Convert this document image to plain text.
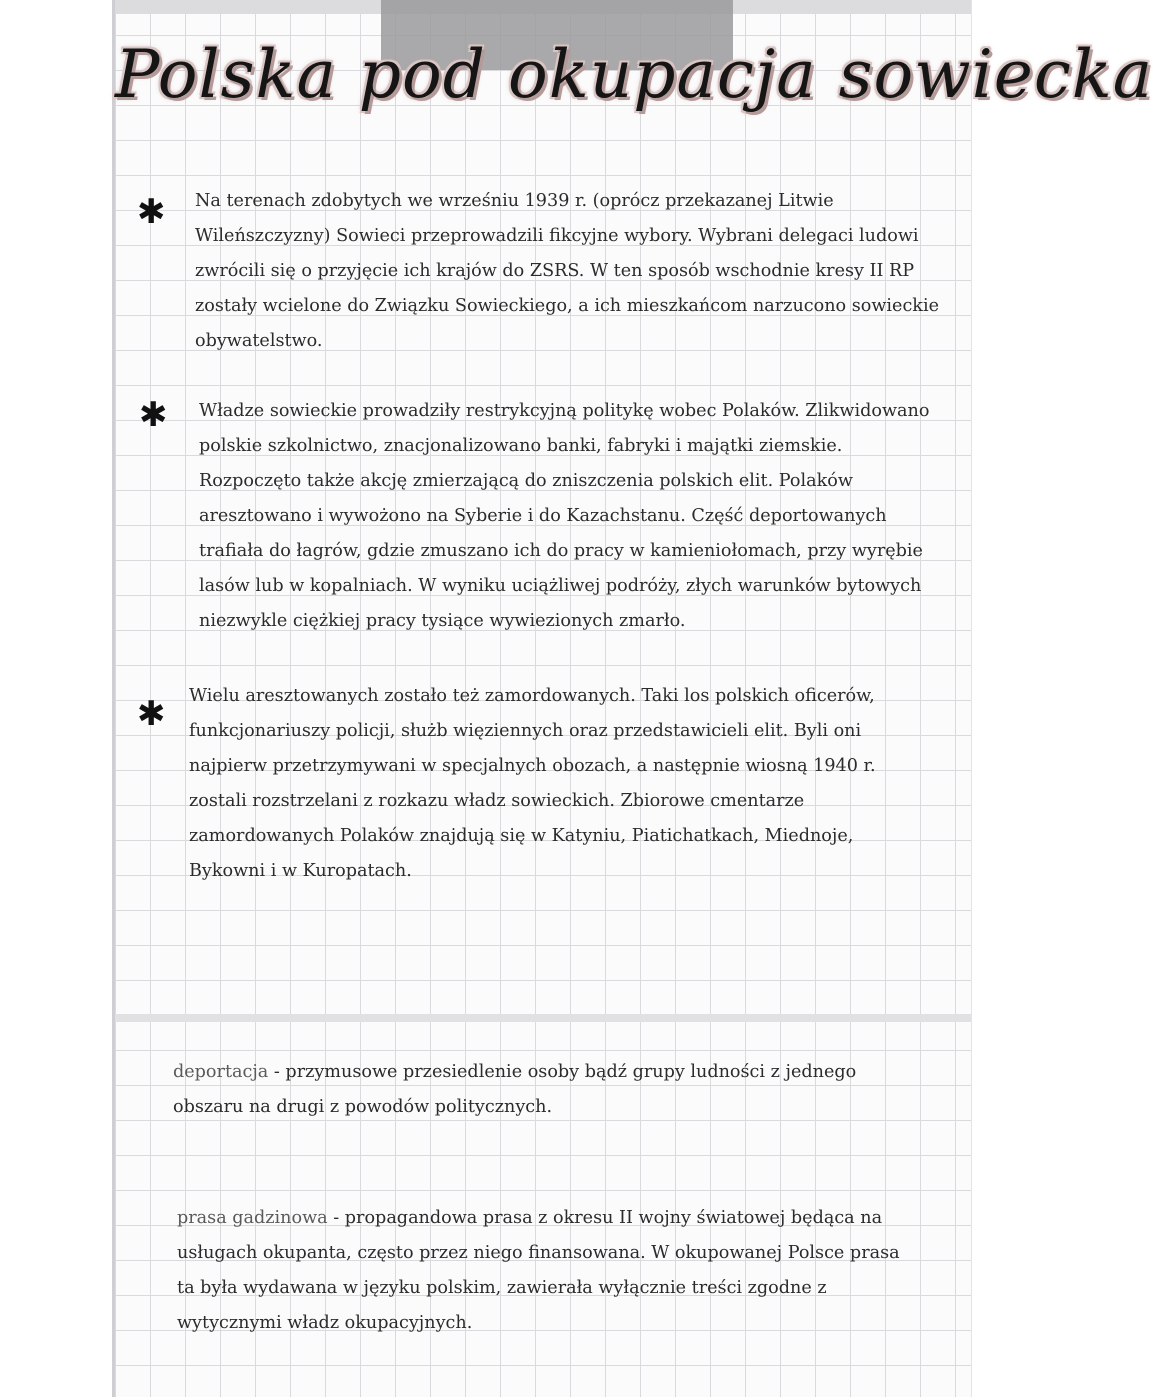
Polska pod okupacja sowiecka
✱ Na terenach zdobytych we wrześniu 1939 r. (oprócz przekazanej Litwie
Wileńszczyzny) Sowieci przeprowadzili fikcyjne wybory. Wybrani delegaci ludowi
zwrócili się o przyjęcie ich krajów do ZSRS. W ten sposób wschodnie kresy II RP
zostały wcielone do Związku Sowieckiego, a ich mieszkańcom narzucono sowieckie
obywatelstwo.
✱ Władze sowieckie prowadziły restrykcyjną politykę wobec Polaków. Zlikwidowano
polskie szkolnictwo, znacjonalizowano banki, fabryki i majątki ziemskie.
Rozpoczęto także akcję zmierzającą do zniszczenia polskich elit. Polaków
aresztowano i wywożono na Syberie i do Kazachstanu. Część deportowanych
trafiała do łagrów, gdzie zmuszano ich do pracy w kamieniołomach, przy wyrębie
lasów lub w kopalniach. W wyniku uciążliwej podróży, złych warunków bytowych
niezwykle ciężkiej pracy tysiące wywiezionych zmarło.
✱ Wielu aresztowanych zostało też zamordowanych. Taki los polskich oficerów,
funkcjonariuszy policji, służb więziennych oraz przedstawicieli elit. Byli oni
najpierw przetrzymywani w specjalnych obozach, a następnie wiosną 1940 r.
zostali rozstrzelani z rozkazu władz sowieckich. Zbiorowe cmentarze
zamordowanych Polaków znajdują się w Katyniu, Piatichatkach, Miednoje,
Bykowni i w Kuropatach.
deportacja - przymusowe przesiedlenie osoby bądź grupy ludności z jednego
obszaru na drugi z powodów politycznych.
prasa gadzinowa - propagandowa prasa z okresu II wojny światowej będąca na
usługach okupanta, często przez niego finansowana. W okupowanej Polsce prasa
ta była wydawana w języku polskim, zawierała wyłącznie treści zgodne z
wytycznymi władz okupacyjnych.
